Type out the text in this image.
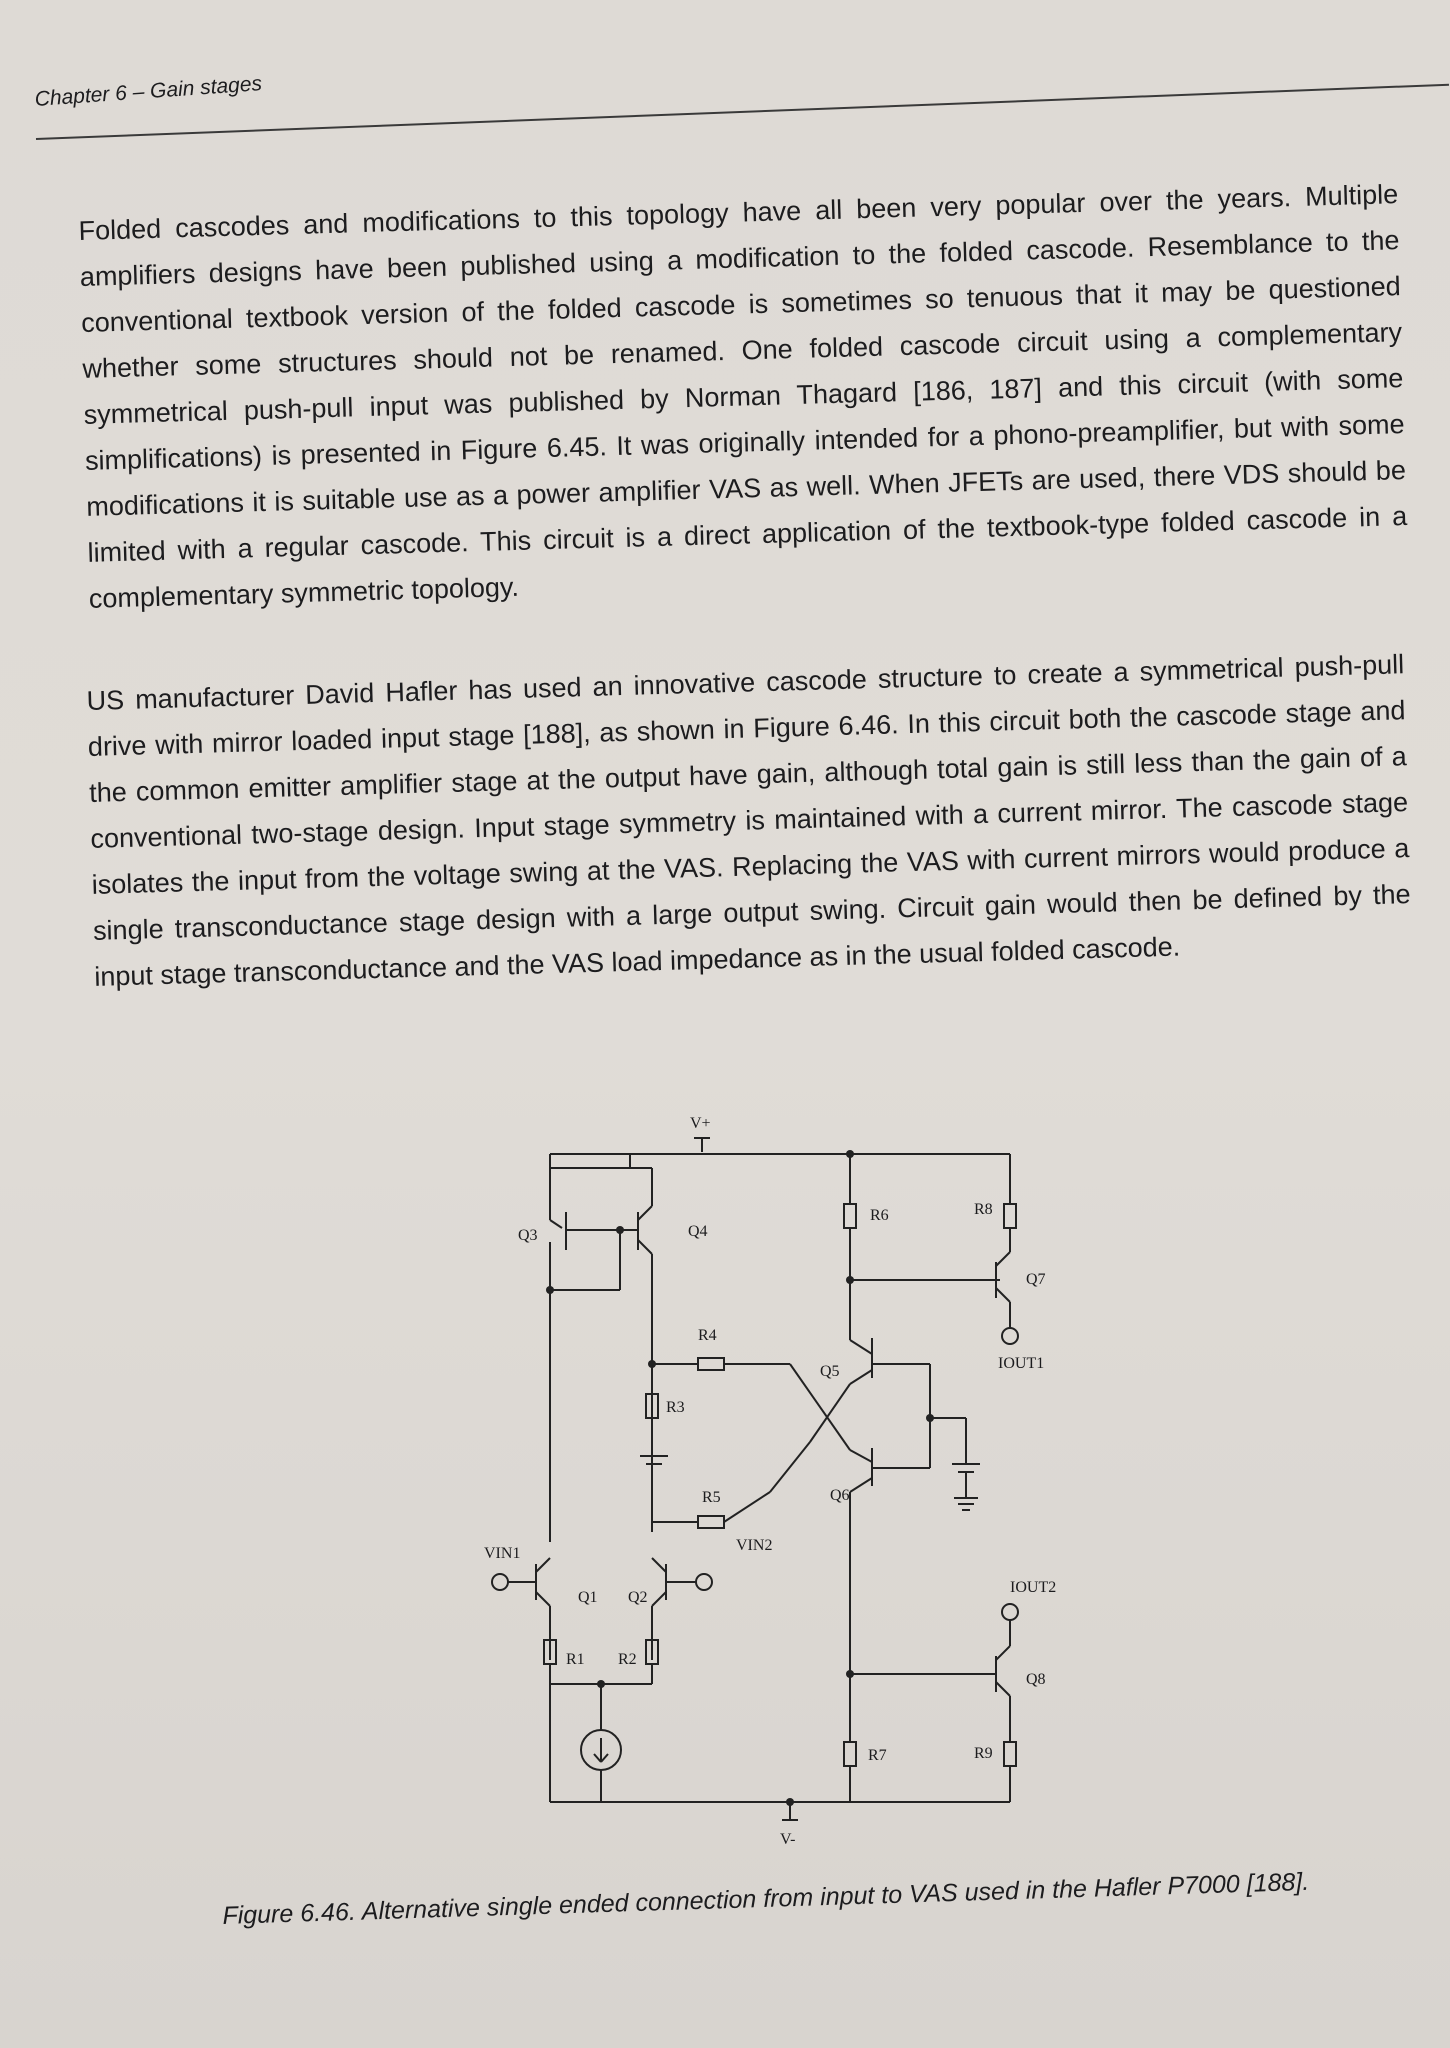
Chapter 6 – Gain stages

Folded cascodes and modifications to this topology have all been very popular over the years. Multiple amplifiers designs have been published using a modification to the folded cascode. Resemblance to the conventional textbook version of the folded cascode is sometimes so tenuous that it may be questioned whether some structures should not be renamed. One folded cascode circuit using a complementary symmetrical push-pull input was published by Norman Thagard [186, 187] and this circuit (with some simplifications) is presented in Figure 6.45. It was originally intended for a phono-preamplifier, but with some modifications it is suitable use as a power amplifier VAS as well. When JFETs are used, there VDS should be limited with a regular cascode. This circuit is a direct application of the textbook-type folded cascode in a complementary symmetric topology.

US manufacturer David Hafler has used an innovative cascode structure to create a symmetrical push-pull drive with mirror loaded input stage [188], as shown in Figure 6.46. In this circuit both the cascode stage and the common emitter amplifier stage at the output have gain, although total gain is still less than the gain of a conventional two-stage design. Input stage symmetry is maintained with a current mirror. The cascode stage isolates the input from the voltage swing at the VAS. Replacing the VAS with current mirrors would produce a single transconductance stage design with a large output swing. Circuit gain would then be defined by the input stage transconductance and the VAS load impedance as in the usual folded cascode.

V+
V-
Q3	Q4
Q1 Q2
Q5
Q6
Q7
Q8
R1 R2
R3
R4
R5
R6
R7
R8
R9
VIN1	VIN2
IOUT1
IOUT2
Figure 6.46. Alternative single ended connection from input to VAS used in the Hafler P7000 [188].
